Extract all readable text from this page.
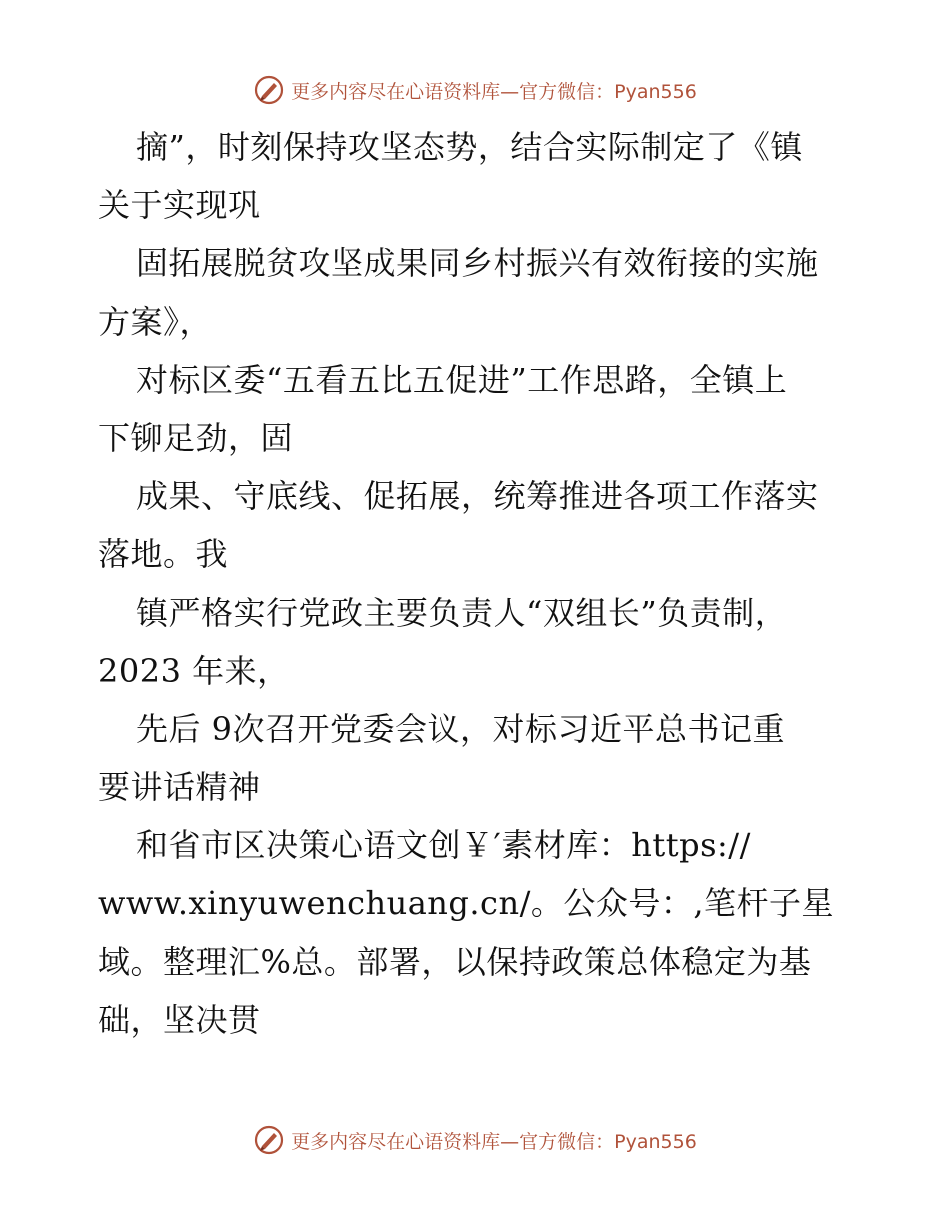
更多内容尽在心语资料库—官方微信：Pyan556
摘”，时刻保持攻坚态势，结合实际制定了《镇
关于实现巩
固拓展脱贫攻坚成果同乡村振兴有效衔接的实施
方案》，
对标区委“五看五比五促进”工作思路，全镇上
下铆足劲，固
成果、守底线、促拓展，统筹推进各项工作落实
落地。我
镇严格实行党政主要负责人“双组长”负责制，
2023 年来，
先后 9次召开党委会议，对标习近平总书记重
要讲话精神
和省市区决策心语文创￥′素材库：https://
www.xinyuwenchuang.cn/。公众号：,笔杆子星
域。整理汇%总。部署，以保持政策总体稳定为基
础，坚决贯
更多内容尽在心语资料库—官方微信：Pyan556
